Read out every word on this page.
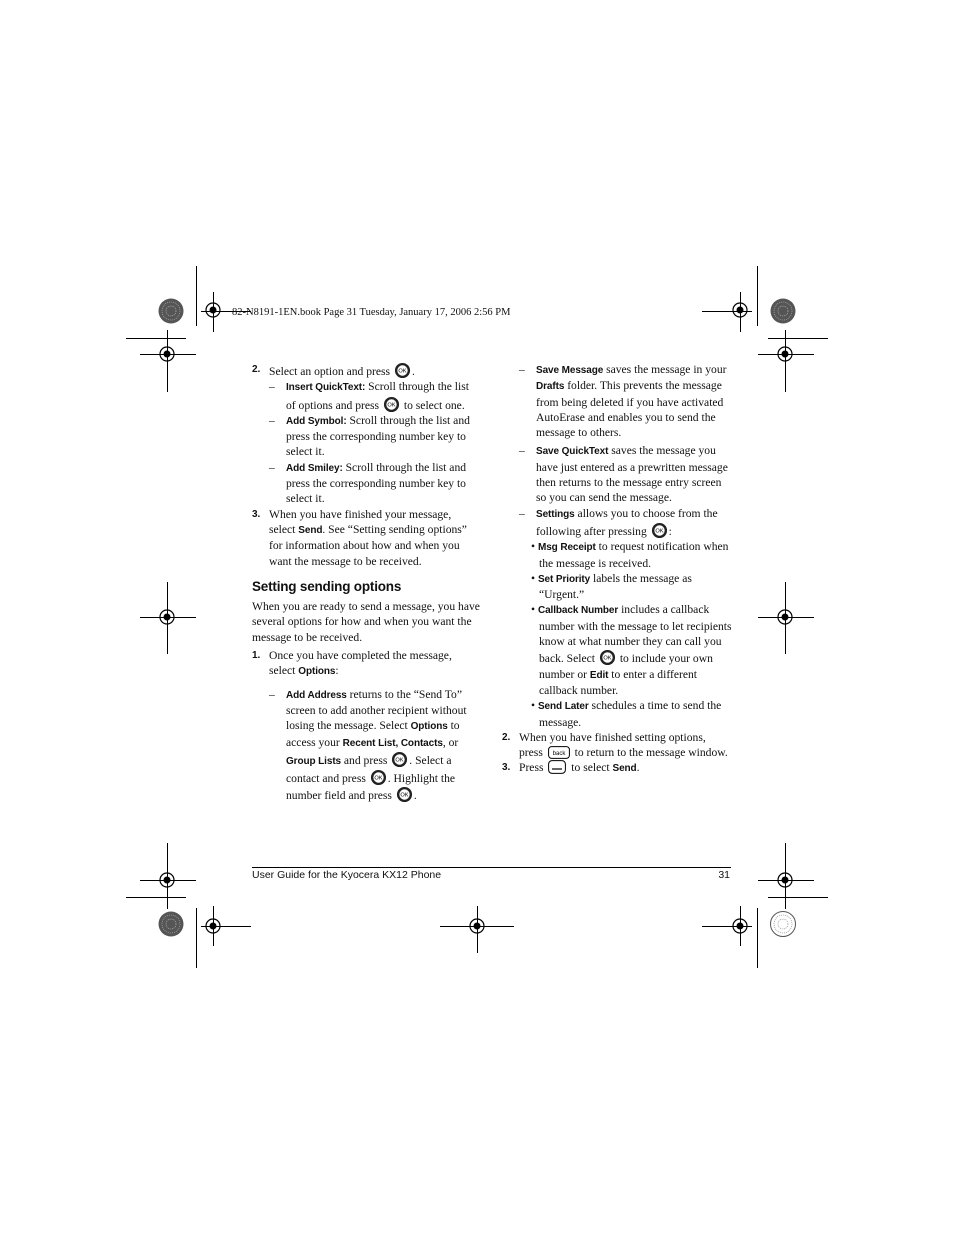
82-N8191-1EN.book Page 31 Tuesday, January 17, 2006 2:56 PM

2. Select an option and press OK .

– Insert QuickText: Scroll through the list of options and press OK to select one.

– Add Symbol: Scroll through the list and press the corresponding number key to select it.

– Add Smiley: Scroll through the list and press the corresponding number key to select it.

3. When you have finished your message, select Send. See “Setting sending options” for information about how and when you want the message to be received.

Setting sending options

When you are ready to send a message, you have several options for how and when you want the message to be received.

1. Once you have completed the message, select Options:

– Add Address returns to the “Send To” screen to add another recipient without losing the message. Select Options to access your Recent List, Contacts, or Group Lists and press OK . Select a contact and press OK . Highlight the number field and press OK .

– Save Message saves the message in your Drafts folder. This prevents the message from being deleted if you have activated AutoErase and enables you to send the message to others.

– Save QuickText saves the message you have just entered as a prewritten message then returns to the message entry screen so you can send the message.

– Settings allows you to choose from the following after pressing OK :

• Msg Receipt to request notification when the message is received.

• Set Priority labels the message as “Urgent.”

• Callback Number includes a callback number with the message to let recipients know at what number they can call you back. Select OK to include your own number or Edit to enter a different callback number.

• Send Later schedules a time to send the message.

2. When you have finished setting options, press back to return to the message window.

3. Press  to select Send.

User Guide for the Kyocera KX12 Phone	31
